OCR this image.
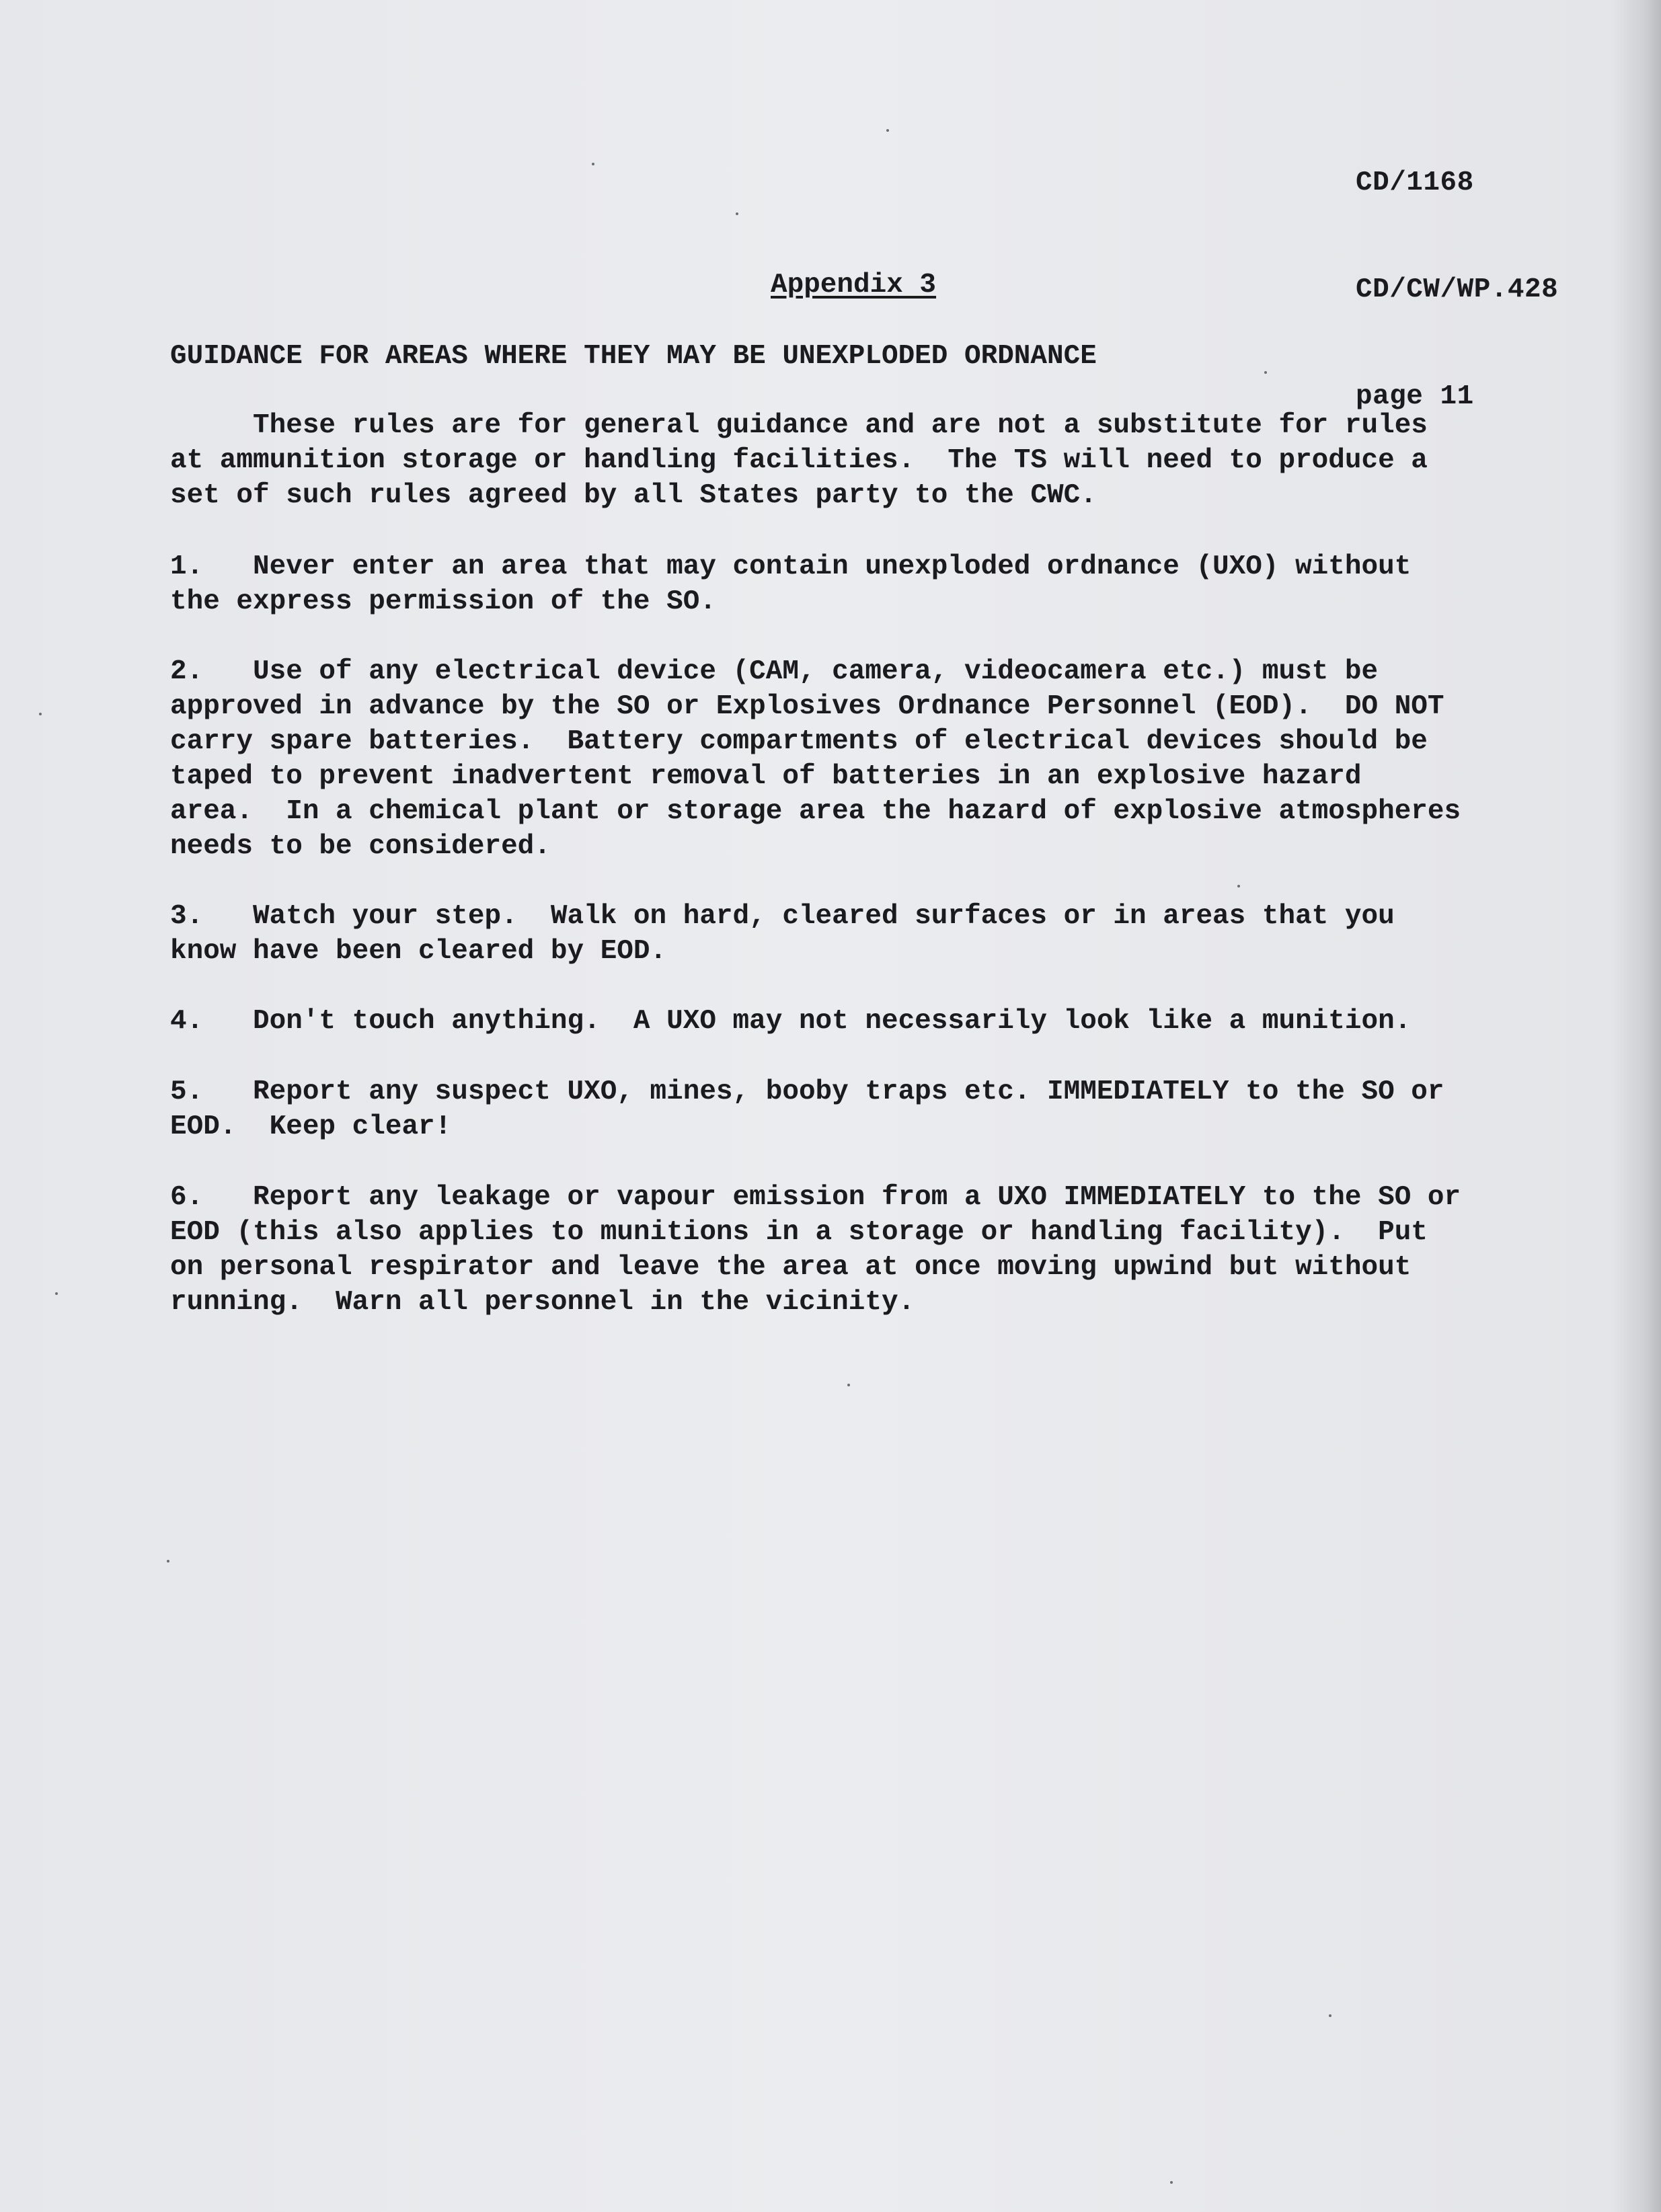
CD/1168

CD/CW/WP.428

page 11

Appendix 3
GUIDANCE FOR AREAS WHERE THEY MAY BE UNEXPLODED ORDNANCE
These rules are for general guidance and are not a substitute for rules
at ammunition storage or handling facilities.  The TS will need to produce a
set of such rules agreed by all States party to the CWC.
1.   Never enter an area that may contain unexploded ordnance (UXO) without
the express permission of the SO.
2.   Use of any electrical device (CAM, camera, videocamera etc.) must be
approved in advance by the SO or Explosives Ordnance Personnel (EOD).  DO NOT
carry spare batteries.  Battery compartments of electrical devices should be
taped to prevent inadvertent removal of batteries in an explosive hazard
area.  In a chemical plant or storage area the hazard of explosive atmospheres
needs to be considered.
3.   Watch your step.  Walk on hard, cleared surfaces or in areas that you
know have been cleared by EOD.
4.   Don't touch anything.  A UXO may not necessarily look like a munition.
5.   Report any suspect UXO, mines, booby traps etc. IMMEDIATELY to the SO or
EOD.  Keep clear!
6.   Report any leakage or vapour emission from a UXO IMMEDIATELY to the SO or
EOD (this also applies to munitions in a storage or handling facility).  Put
on personal respirator and leave the area at once moving upwind but without
running.  Warn all personnel in the vicinity.
